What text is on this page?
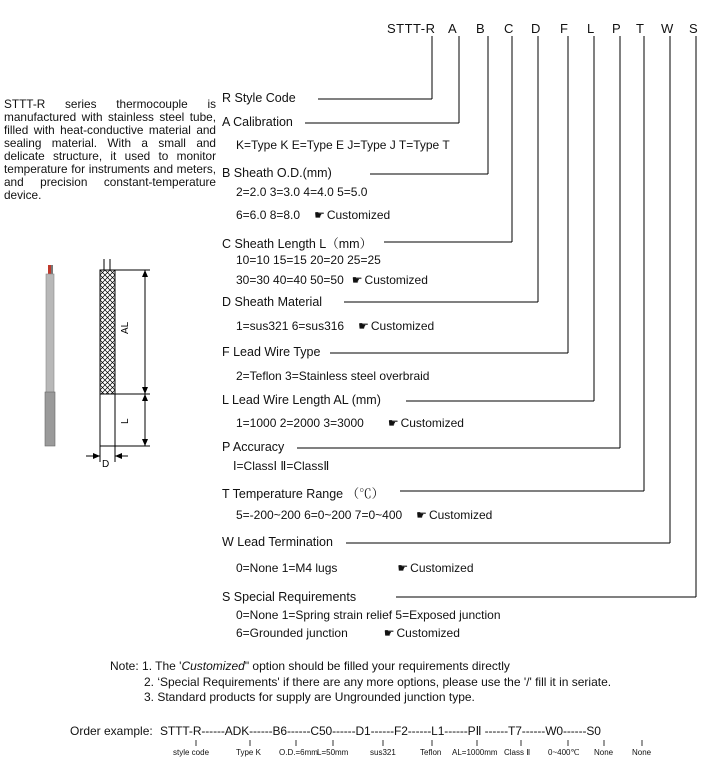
AL
L
D
STTT-R A B C D F L P T W S
STTT-R series thermocouple is manufactured with stainless steel tube, filled with heat-conductive material and sealing material. With a small and delicate structure, it used to monitor temperature for instruments and meters, and precision constant-temperature device.
R Style Code
A Calibration
K=Type K E=Type E J=Type J T=Type T
B Sheath O.D.(mm)
2=2.0 3=3.0 4=4.0 5=5.0
6=6.0 8=8.0 ☛ Customized
C Sheath Length L（mm）
10=10 15=15 20=20 25=25
30=30 40=40 50=50 ☛ Customized
D Sheath Material
1=sus321 6=sus316 ☛ Customized
F Lead Wire Type
2=Teflon 3=Stainless steel overbraid
L Lead Wire Length AL (mm)
1=1000 2=2000 3=3000 ☛ Customized
P Accuracy
Ⅰ=ClassⅠ Ⅱ=ClassⅡ
T Temperature Range （℃）
5=-200~200 6=0~200 7=0~400 ☛ Customized
W Lead Termination
0=None 1=M4 lugs	☛ Customized
S Special Requirements
0=None 1=Spring strain relief 5=Exposed junction
6=Grounded junction	☛ Customized
Note: 1. The 'Customized" option should be filled your requirements directly
2. ‘Special Requirements' if there are any more options, please use the '/' fill it in seriate.
3. Standard products for supply are Ungrounded junction type.
Order example: STTT-R------ADK------B6------C50------D1------F2------L1------PⅡ ------T7------W0------S0
style code	Type K O.D.=6mm L=50mm	sus321	Teflon AL=1000mm Class Ⅱ 0~400℃ None None
